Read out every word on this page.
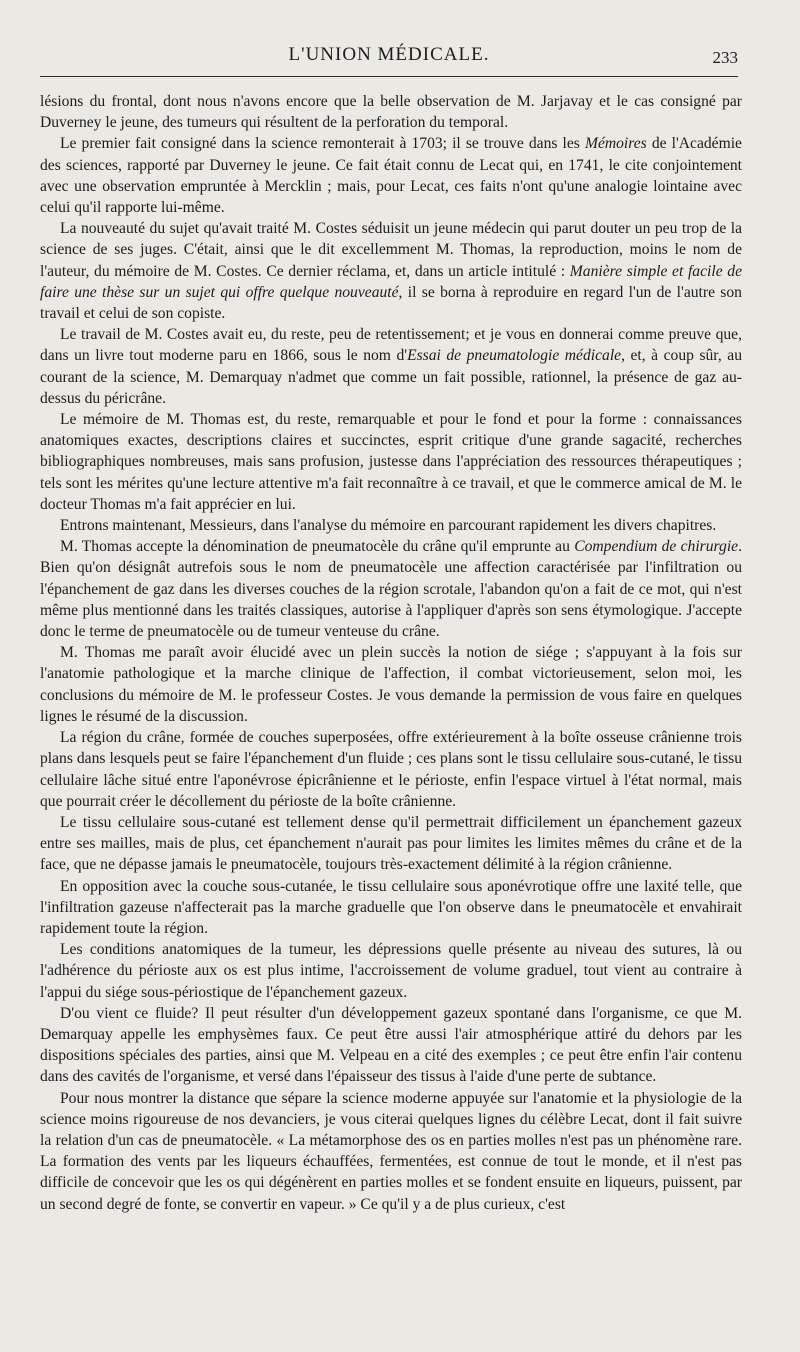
L'UNION MÉDICALE.	233

lésions du frontal, dont nous n'avons encore que la belle observation de M. Jarjavay et le cas consigné par Duverney le jeune, des tumeurs qui résultent de la perforation du temporal.

Le premier fait consigné dans la science remonterait à 1703; il se trouve dans les Mémoires de l'Académie des sciences, rapporté par Duverney le jeune. Ce fait était connu de Lecat qui, en 1741, le cite conjointement avec une observation empruntée à Mercklin ; mais, pour Lecat, ces faits n'ont qu'une analogie lointaine avec celui qu'il rapporte lui-même.

La nouveauté du sujet qu'avait traité M. Costes séduisit un jeune médecin qui parut douter un peu trop de la science de ses juges. C'était, ainsi que le dit excellemment M. Thomas, la reproduction, moins le nom de l'auteur, du mémoire de M. Costes. Ce dernier réclama, et, dans un article intitulé : Manière simple et facile de faire une thèse sur un sujet qui offre quelque nouveauté, il se borna à reproduire en regard l'un de l'autre son travail et celui de son copiste.

Le travail de M. Costes avait eu, du reste, peu de retentissement; et je vous en donnerai comme preuve que, dans un livre tout moderne paru en 1866, sous le nom d'Essai de pneumatologie médicale, et, à coup sûr, au courant de la science, M. Demarquay n'admet que comme un fait possible, rationnel, la présence de gaz au-dessus du péricrâne.

Le mémoire de M. Thomas est, du reste, remarquable et pour le fond et pour la forme : connaissances anatomiques exactes, descriptions claires et succinctes, esprit critique d'une grande sagacité, recherches bibliographiques nombreuses, mais sans profusion, justesse dans l'appréciation des ressources thérapeutiques ; tels sont les mérites qu'une lecture attentive m'a fait reconnaître à ce travail, et que le commerce amical de M. le docteur Thomas m'a fait apprécier en lui.

Entrons maintenant, Messieurs, dans l'analyse du mémoire en parcourant rapidement les divers chapitres.

M. Thomas accepte la dénomination de pneumatocèle du crâne qu'il emprunte au Compendium de chirurgie. Bien qu'on désignât autrefois sous le nom de pneumatocèle une affection caractérisée par l'infiltration ou l'épanchement de gaz dans les diverses couches de la région scrotale, l'abandon qu'on a fait de ce mot, qui n'est même plus mentionné dans les traités classiques, autorise à l'appliquer d'après son sens étymologique. J'accepte donc le terme de pneumatocèle ou de tumeur venteuse du crâne.

M. Thomas me paraît avoir élucidé avec un plein succès la notion de siége ; s'appuyant à la fois sur l'anatomie pathologique et la marche clinique de l'affection, il combat victorieusement, selon moi, les conclusions du mémoire de M. le professeur Costes. Je vous demande la permission de vous faire en quelques lignes le résumé de la discussion.

La région du crâne, formée de couches superposées, offre extérieurement à la boîte osseuse crânienne trois plans dans lesquels peut se faire l'épanchement d'un fluide ; ces plans sont le tissu cellulaire sous-cutané, le tissu cellulaire lâche situé entre l'aponévrose épicrânienne et le périoste, enfin l'espace virtuel à l'état normal, mais que pourrait créer le décollement du périoste de la boîte crânienne.

Le tissu cellulaire sous-cutané est tellement dense qu'il permettrait difficilement un épanchement gazeux entre ses mailles, mais de plus, cet épanchement n'aurait pas pour limites les limites mêmes du crâne et de la face, que ne dépasse jamais le pneumatocèle, toujours très-exactement délimité à la région crânienne.

En opposition avec la couche sous-cutanée, le tissu cellulaire sous aponévrotique offre une laxité telle, que l'infiltration gazeuse n'affecterait pas la marche graduelle que l'on observe dans le pneumatocèle et envahirait rapidement toute la région.

Les conditions anatomiques de la tumeur, les dépressions quelle présente au niveau des sutures, là ou l'adhérence du périoste aux os est plus intime, l'accroissement de volume graduel, tout vient au contraire à l'appui du siége sous-périostique de l'épanchement gazeux.

D'ou vient ce fluide? Il peut résulter d'un développement gazeux spontané dans l'organisme, ce que M. Demarquay appelle les emphysèmes faux. Ce peut être aussi l'air atmosphérique attiré du dehors par les dispositions spéciales des parties, ainsi que M. Velpeau en a cité des exemples ; ce peut être enfin l'air contenu dans des cavités de l'organisme, et versé dans l'épaisseur des tissus à l'aide d'une perte de subtance.

Pour nous montrer la distance que sépare la science moderne appuyée sur l'anatomie et la physiologie de la science moins rigoureuse de nos devanciers, je vous citerai quelques lignes du célèbre Lecat, dont il fait suivre la relation d'un cas de pneumatocèle. « La métamorphose des os en parties molles n'est pas un phénomène rare. La formation des vents par les liqueurs échauffées, fermentées, est connue de tout le monde, et il n'est pas difficile de concevoir que les os qui dégénèrent en parties molles et se fondent ensuite en liqueurs, puissent, par un second degré de fonte, se convertir en vapeur. » Ce qu'il y a de plus curieux, c'est
